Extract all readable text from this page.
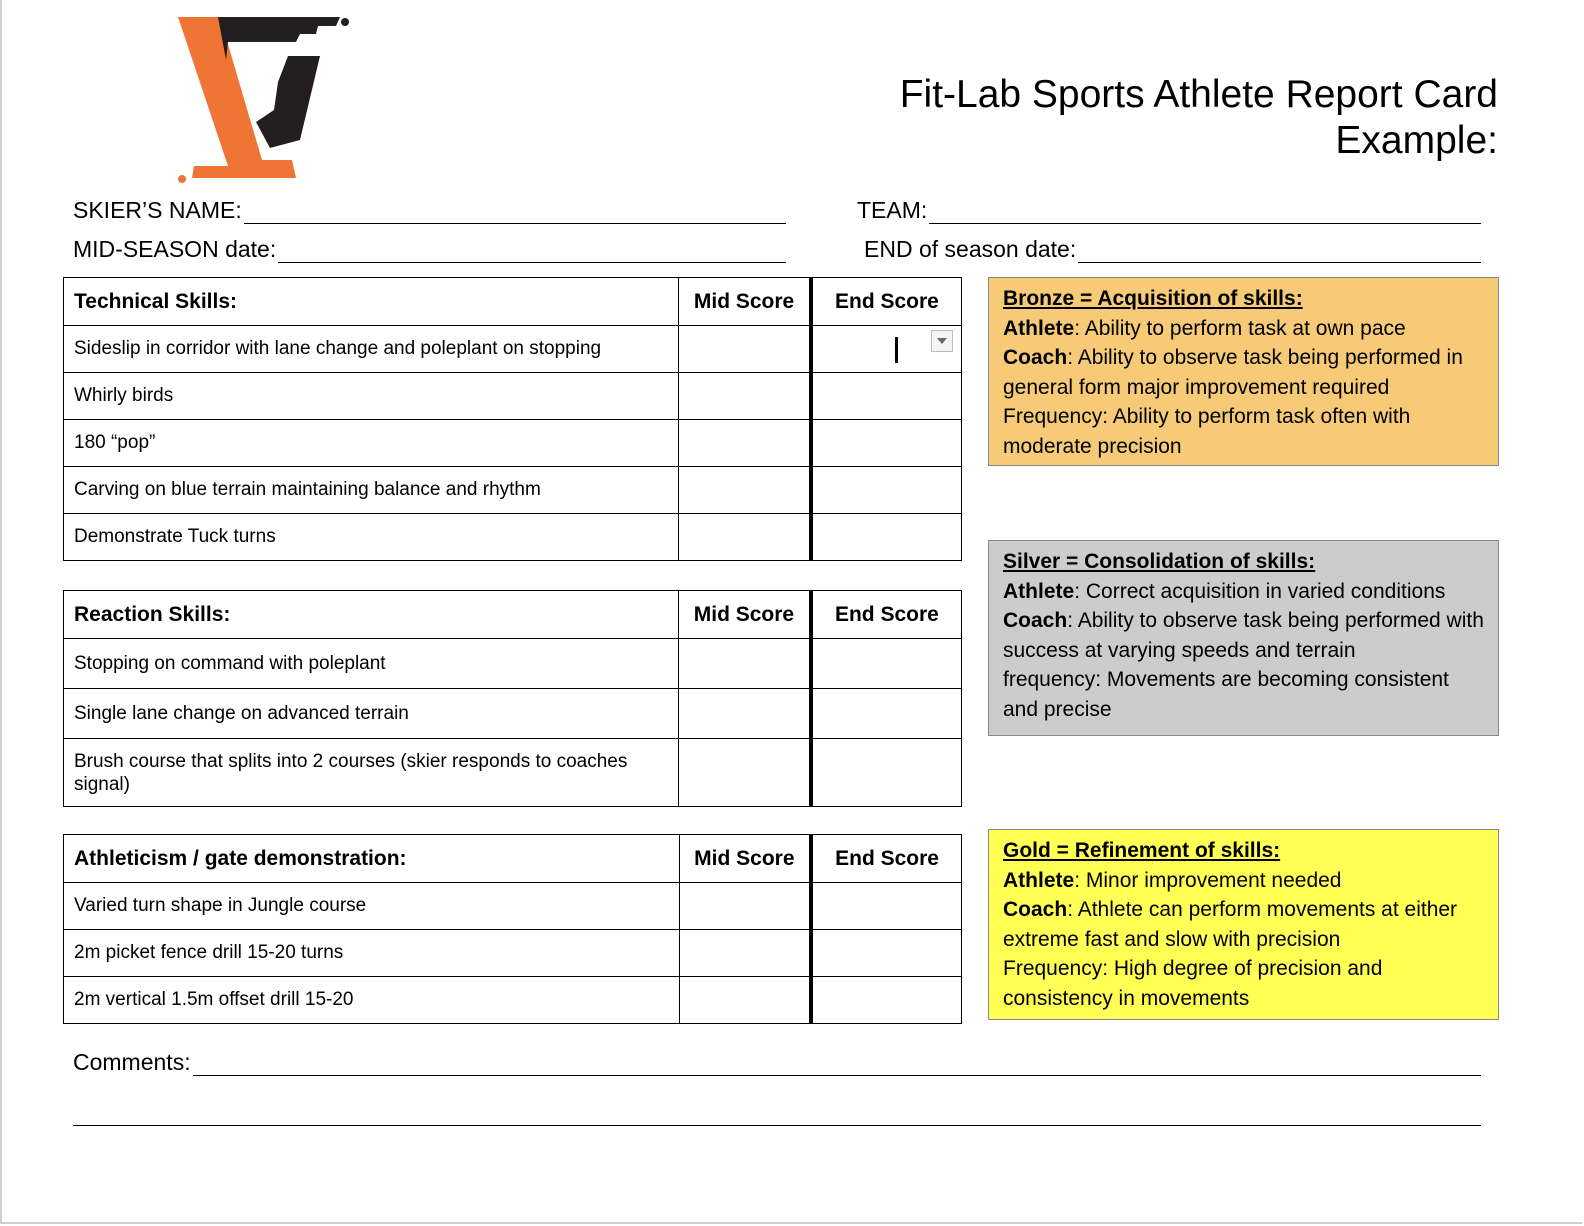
Fit-Lab Sports Athlete Report Card
Example:
SKIER’S NAME:	TEAM:
MID-SEASON date:	END of season date:
Technical Skills:	Mid Score	End Score
Sideslip in corridor with lane change and poleplant on stopping		
Whirly birds		
180 “pop”		
Carving on blue terrain maintaining balance and rhythm		
Demonstrate Tuck turns		
Reaction Skills:	Mid Score	End Score
Stopping on command with poleplant		
Single lane change on advanced terrain		
Brush course that splits into 2 courses (skier responds to coaches signal)		
Athleticism / gate demonstration:	Mid Score	End Score
Varied turn shape in Jungle course		
2m picket fence drill 15-20 turns		
2m vertical 1.5m offset drill 15-20		
Bronze = Acquisition of skills:
Athlete: Ability to perform task at own pace
Coach: Ability to observe task being performed in general form major improvement required
Frequency: Ability to perform task often with moderate precision
Silver = Consolidation of skills:
Athlete: Correct acquisition in varied conditions
Coach: Ability to observe task being performed with success at varying speeds and terrain
frequency: Movements are becoming consistent and precise
Gold = Refinement of skills:
Athlete: Minor improvement needed
Coach: Athlete can perform movements at either extreme fast and slow with precision
Frequency: High degree of precision and consistency in movements
Comments:
